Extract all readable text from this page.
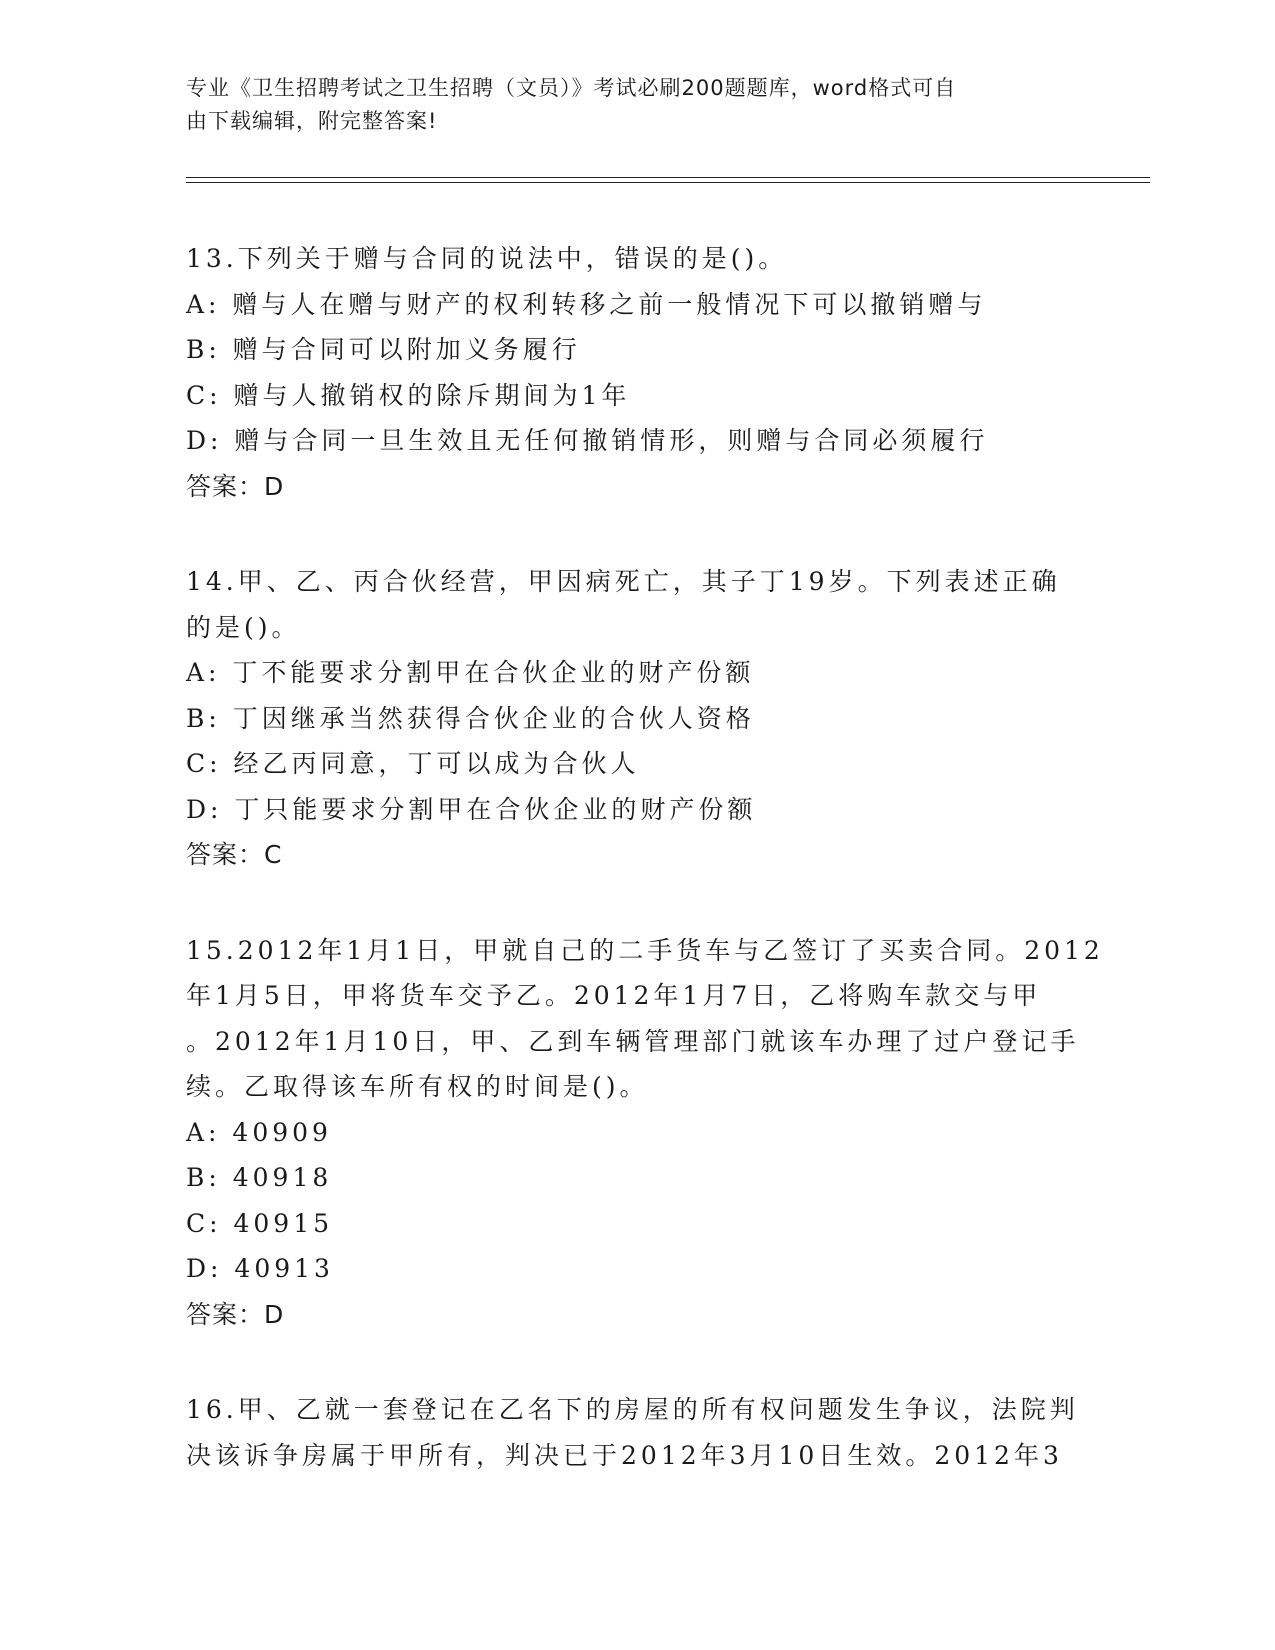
专业《卫生招聘考试之卫生招聘（文员）》考试必刷200题题库，word格式可自
由下载编辑，附完整答案!
13.下列关于赠与合同的说法中，错误的是()。
A: 赠与人在赠与财产的权利转移之前一般情况下可以撤销赠与
B: 赠与合同可以附加义务履行
C: 赠与人撤销权的除斥期间为1年
D: 赠与合同一旦生效且无任何撤销情形，则赠与合同必须履行
答案：D
14.甲、乙、丙合伙经营，甲因病死亡，其子丁19岁。下列表述正确
的是()。
A: 丁不能要求分割甲在合伙企业的财产份额
B: 丁因继承当然获得合伙企业的合伙人资格
C: 经乙丙同意，丁可以成为合伙人
D: 丁只能要求分割甲在合伙企业的财产份额
答案：C
15.2012年1月1日，甲就自己的二手货车与乙签订了买卖合同。2012
年1月5日，甲将货车交予乙。2012年1月7日，乙将购车款交与甲
。2012年1月10日，甲、乙到车辆管理部门就该车办理了过户登记手
续。乙取得该车所有权的时间是()。
A: 40909
B: 40918
C: 40915
D: 40913
答案：D
16.甲、乙就一套登记在乙名下的房屋的所有权问题发生争议，法院判
决该诉争房属于甲所有，判决已于2012年3月10日生效。2012年3
